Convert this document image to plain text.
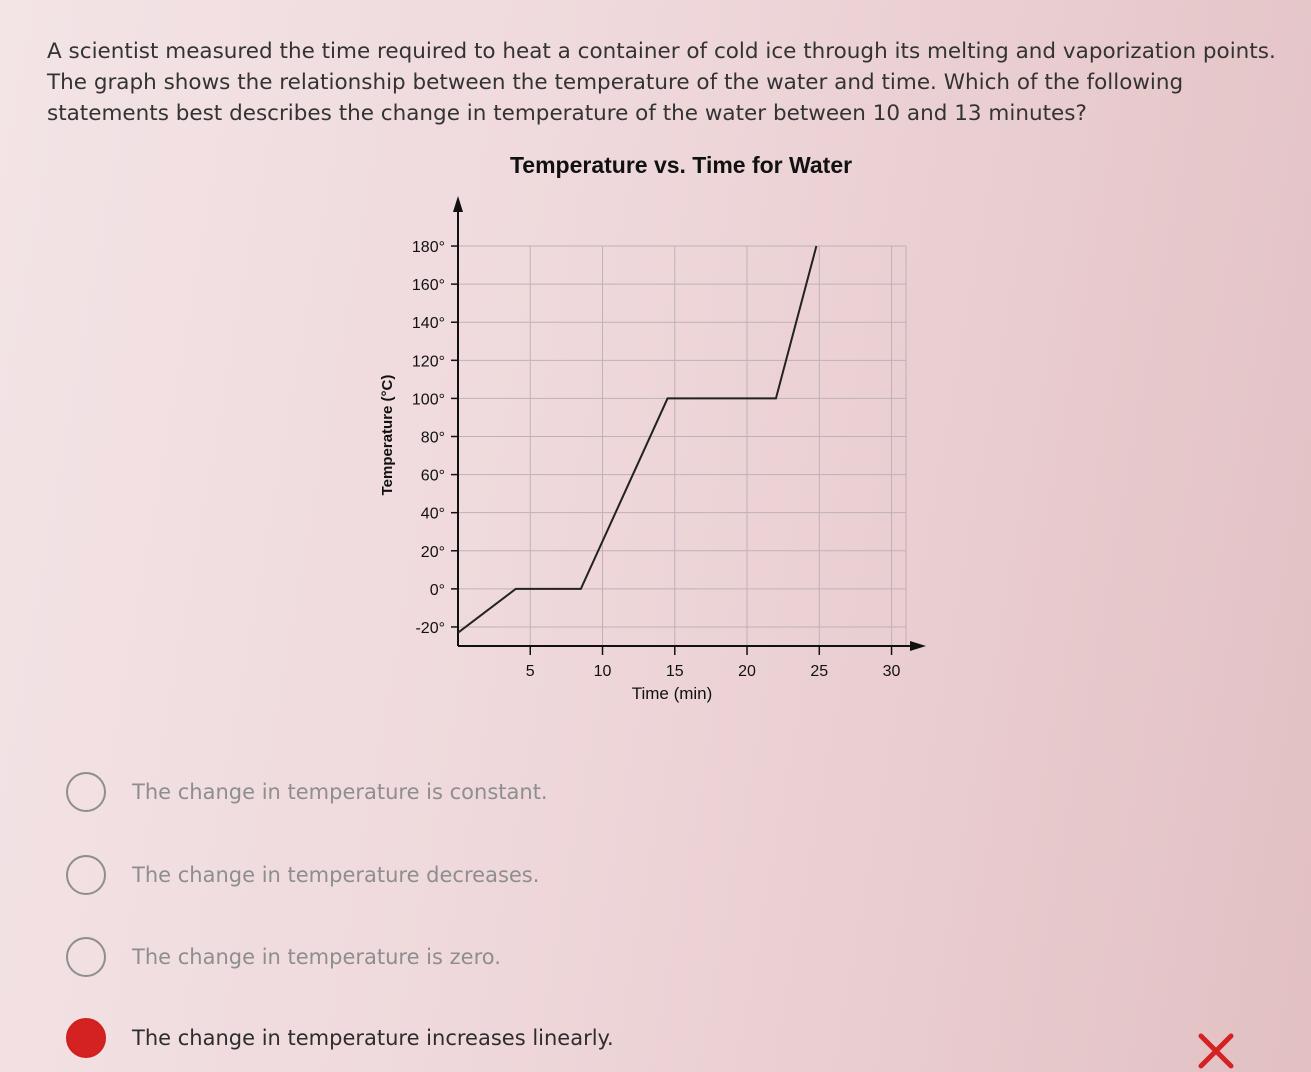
A scientist measured the time required to heat a container of cold ice through its melting and vaporization points. The graph shows the relationship between the temperature of the water and time. Which of the following statements best describes the change in temperature of the water between 10 and 13 minutes?

Temperature vs. Time for Water
5	10	15	20	25	30
-20°
0°
20°
40°
60°
80°
100°
120°
140°
160°
180°
Time (min)
Temperature (°C)
The change in temperature is constant.
The change in temperature decreases.
The change in temperature is zero.
The change in temperature increases linearly.
